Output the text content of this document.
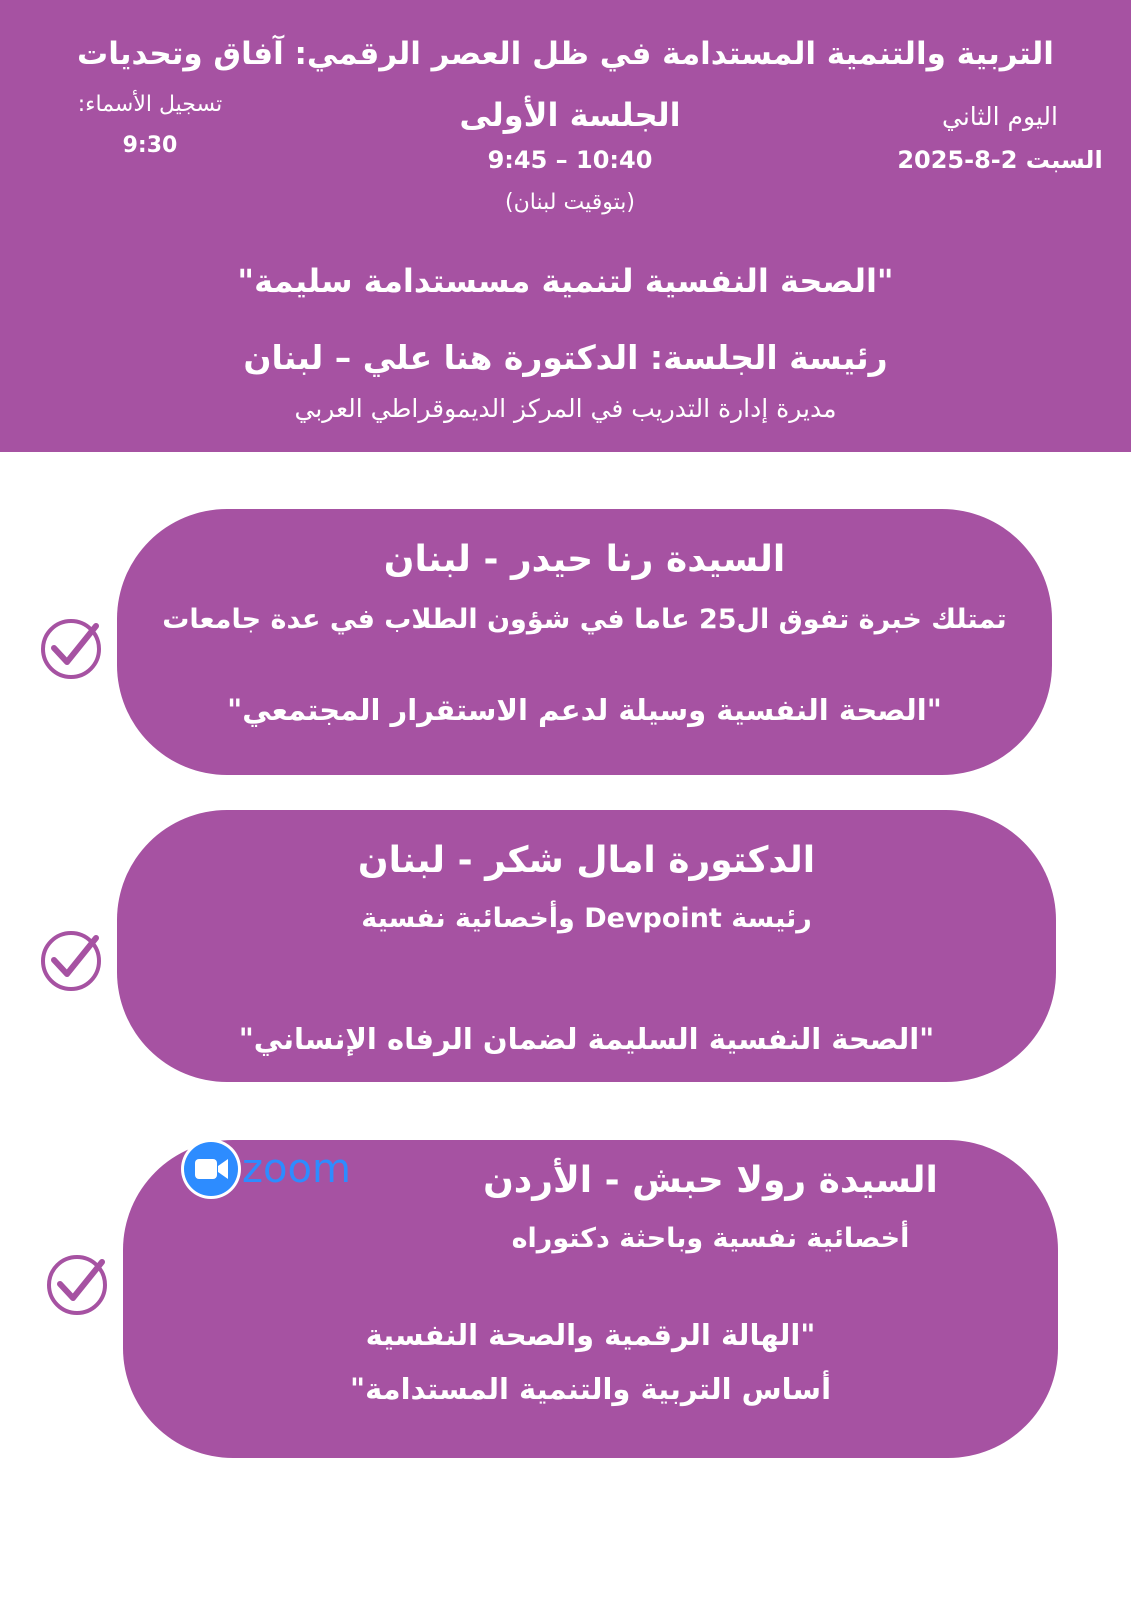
التربية والتنمية المستدامة في ظل العصر الرقمي: آفاق وتحديات
تسجيل الأسماء:
9:30
الجلسة الأولى
9:45 – 10:40
(بتوقيت لبنان)
اليوم الثاني
السبت 2-8-2025
"الصحة النفسية لتنمية مسستدامة سليمة"
رئيسة الجلسة: الدكتورة هنا علي – لبنان
مديرة إدارة التدريب في المركز الديموقراطي العربي
السيدة رنا حيدر - لبنان
تمتلك خبرة تفوق ال25 عاما في شؤون الطلاب في عدة جامعات
"الصحة النفسية وسيلة لدعم الاستقرار المجتمعي"
الدكتورة امال شكر - لبنان
رئيسة Devpoint وأخصائية نفسية
"الصحة النفسية السليمة لضمان الرفاه الإنساني"
السيدة رولا حبش - الأردن
أخصائية نفسية وباحثة دكتوراه
"الهالة الرقمية والصحة النفسية
أساس التربية والتنمية المستدامة"
zoom
